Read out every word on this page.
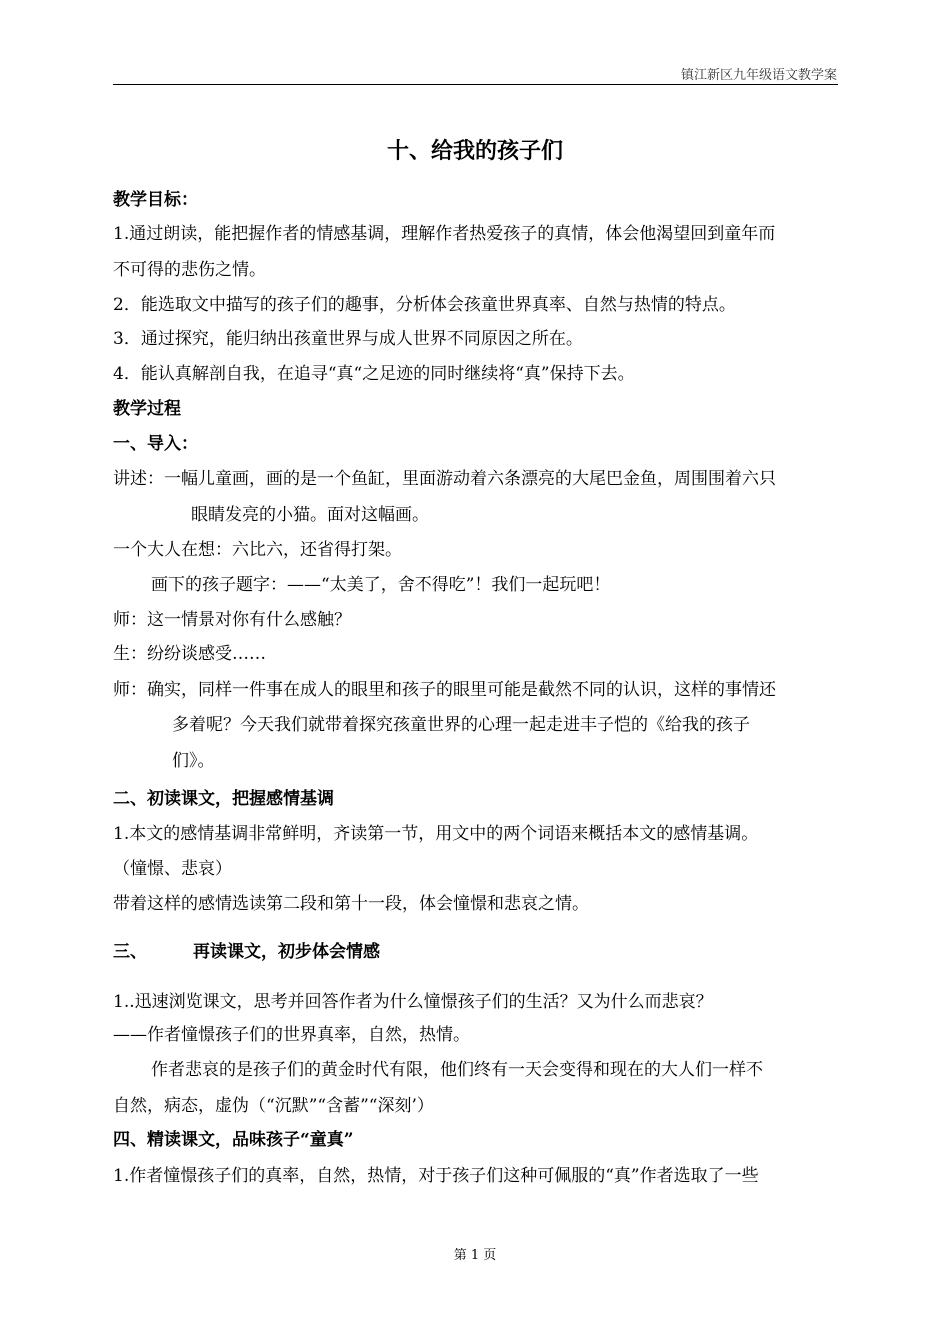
镇江新区九年级语文教学案
十、给我的孩子们
教学目标：
1.通过朗读，能把握作者的情感基调，理解作者热爱孩子的真情，体会他渴望回到童年而
不可得的悲伤之情。
2．能选取文中描写的孩子们的趣事，分析体会孩童世界真率、自然与热情的特点。
3．通过探究，能归纳出孩童世界与成人世界不同原因之所在。
4．能认真解剖自我，在追寻“真“之足迹的同时继续将“真”保持下去。
教学过程
一、导入：
讲述：一幅儿童画，画的是一个鱼缸，里面游动着六条漂亮的大尾巴金鱼，周围围着六只
眼睛发亮的小猫。面对这幅画。
一个大人在想：六比六，还省得打架。
画下的孩子题字：——“太美了，舍不得吃”！我们一起玩吧！
师：这一情景对你有什么感触？
生：纷纷谈感受……
师：确实，同样一件事在成人的眼里和孩子的眼里可能是截然不同的认识，这样的事情还
多着呢？今天我们就带着探究孩童世界的心理一起走进丰子恺的《给我的孩子
们》。
二、初读课文，把握感情基调
1.本文的感情基调非常鲜明，齐读第一节，用文中的两个词语来概括本文的感情基调。
（憧憬、悲哀）
带着这样的感情选读第二段和第十一段，体会憧憬和悲哀之情。
三、	再读课文，初步体会情感
1..迅速浏览课文，思考并回答作者为什么憧憬孩子们的生活？又为什么而悲哀？
——作者憧憬孩子们的世界真率，自然，热情。
作者悲哀的是孩子们的黄金时代有限，他们终有一天会变得和现在的大人们一样不
自然，病态，虚伪（“沉默”“含蓄”“深刻’）
四、精读课文，品味孩子“童真”
1.作者憧憬孩子们的真率，自然，热情，对于孩子们这种可佩服的“真”作者选取了一些
第 1 页
